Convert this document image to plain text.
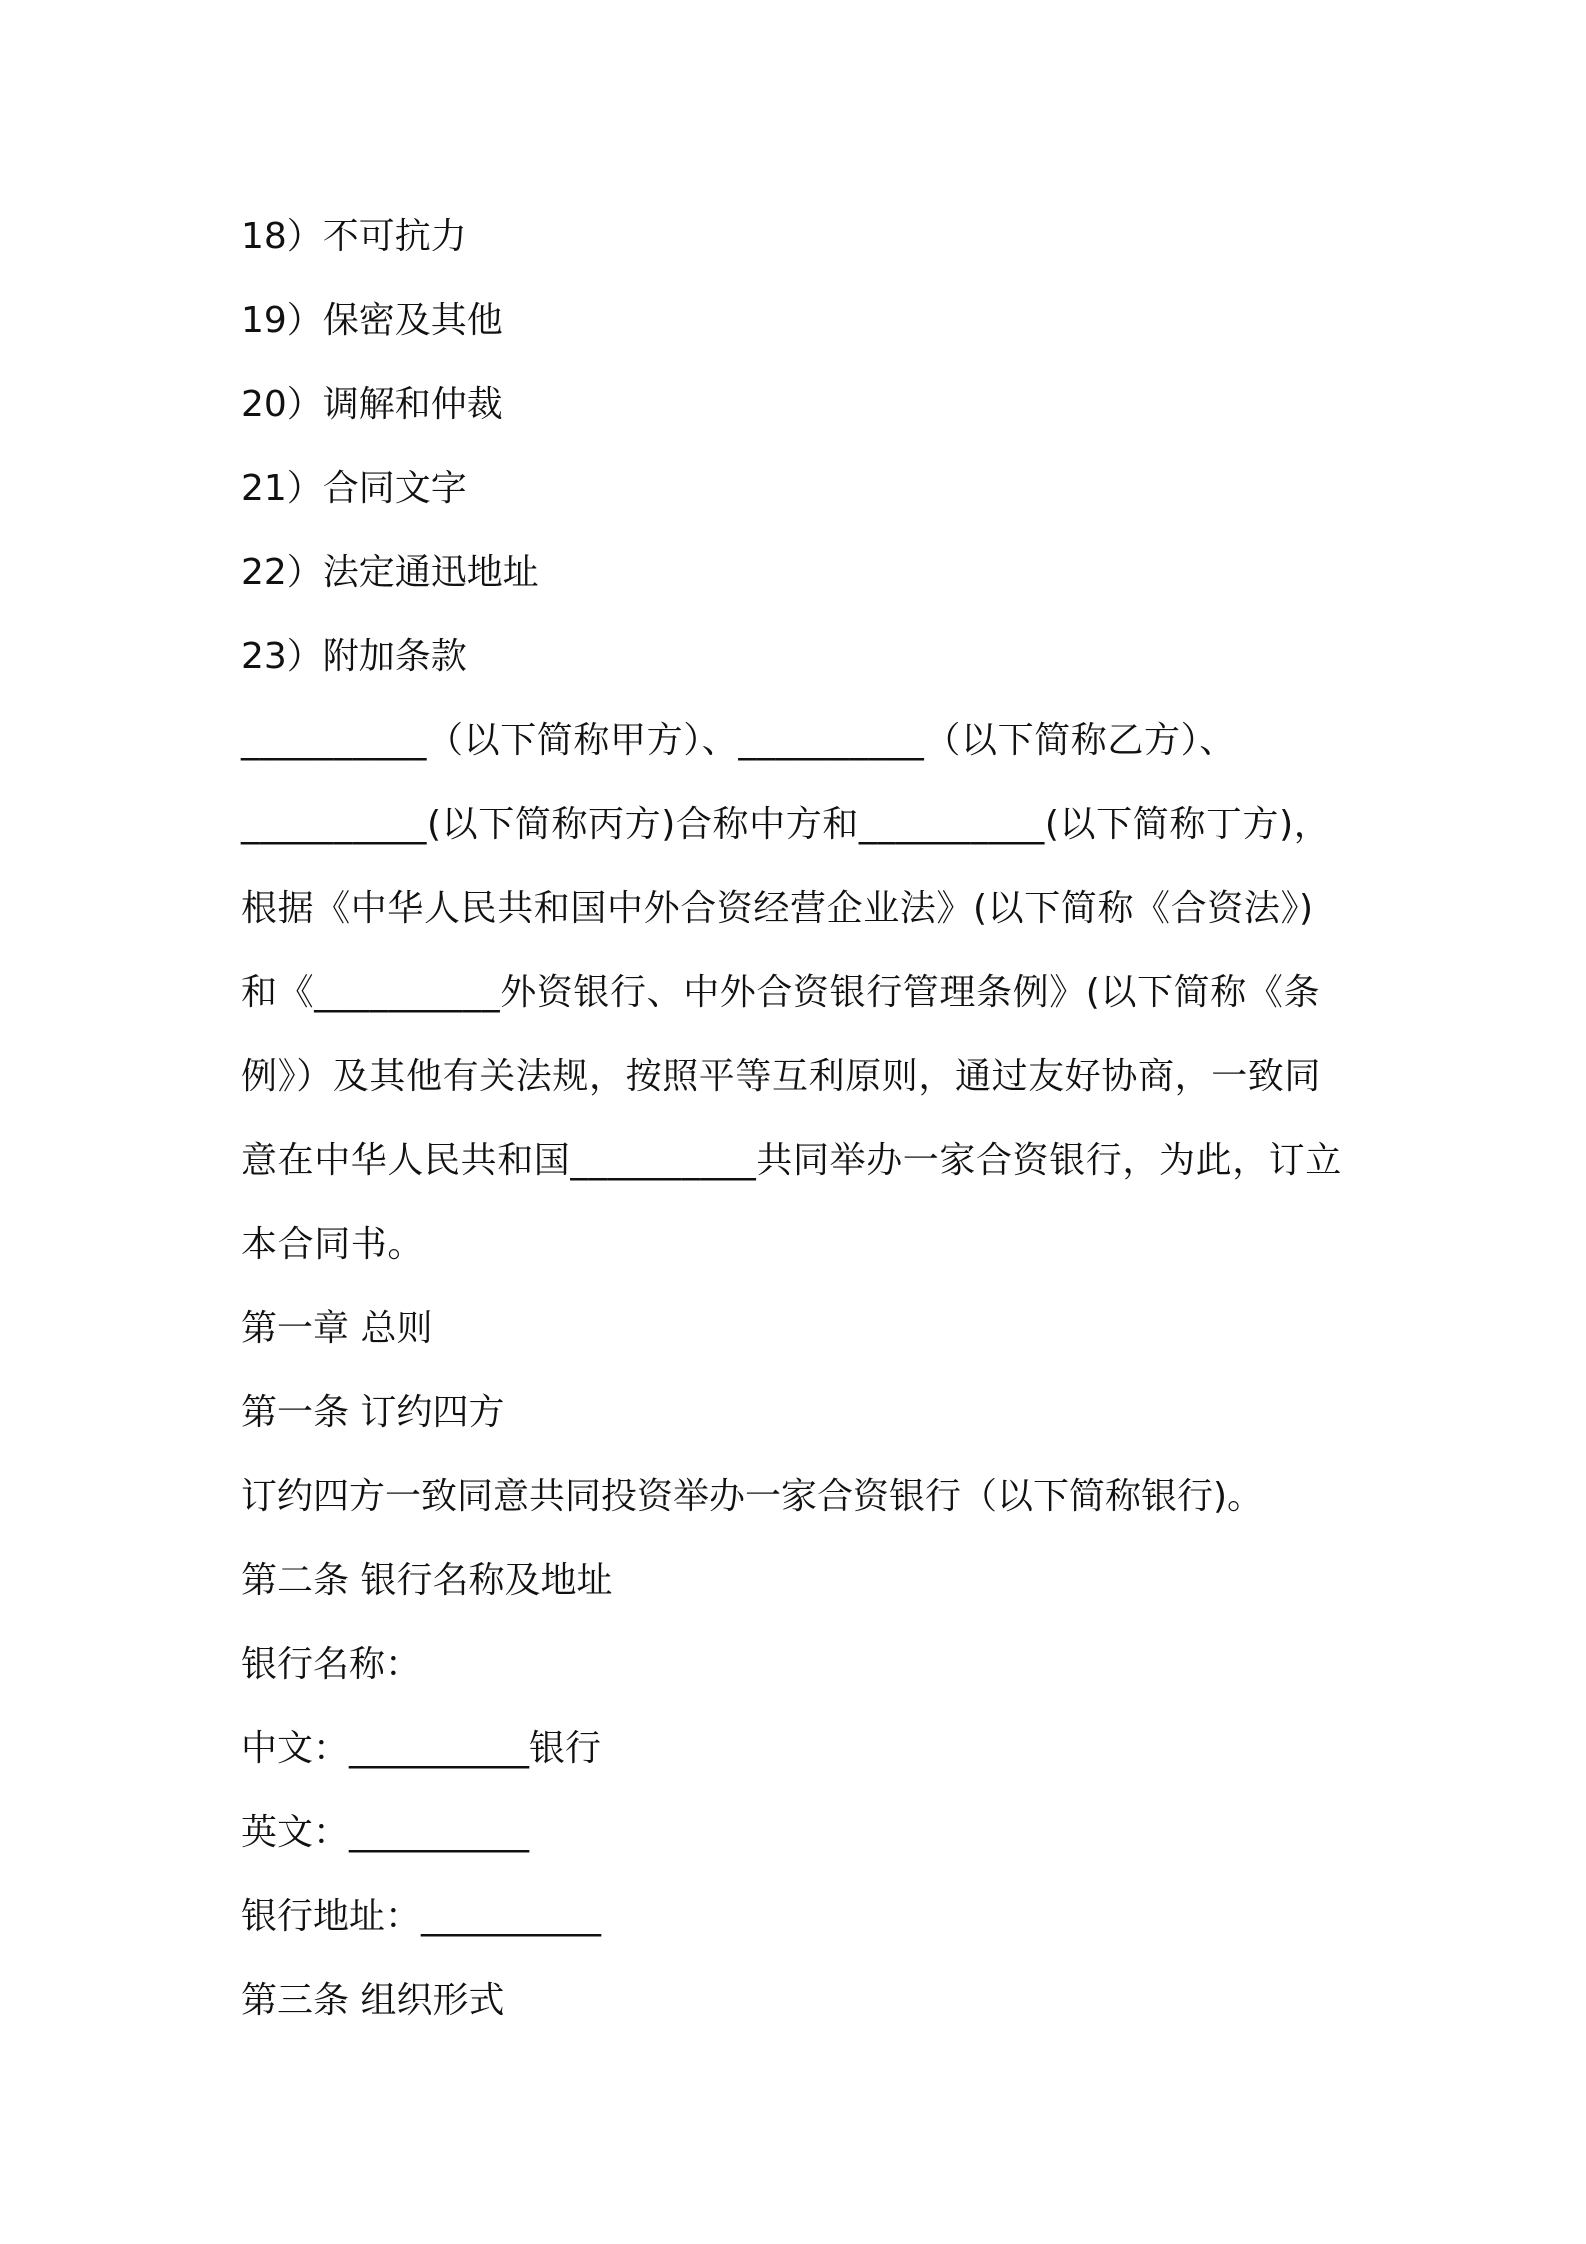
18）不可抗力
19）保密及其他
20）调解和仲裁
21）合同文字
22）法定通迅地址
23）附加条款
__________（以下简称甲方）、__________（以下简称乙方）、
__________(以下简称丙方)合称中方和__________(以下简称丁方)，
根据《中华人民共和国中外合资经营企业法》(以下简称《合资法》)
和《__________外资银行、中外合资银行管理条例》(以下简称《条
例》）及其他有关法规，按照平等互利原则，通过友好协商，一致同
意在中华人民共和国__________共同举办一家合资银行，为此，订立
本合同书。
第一章 总则
第一条 订约四方
订约四方一致同意共同投资举办一家合资银行（以下简称银行)。
第二条 银行名称及地址
银行名称：
中文：__________银行
英文：__________
银行地址：__________
第三条 组织形式
